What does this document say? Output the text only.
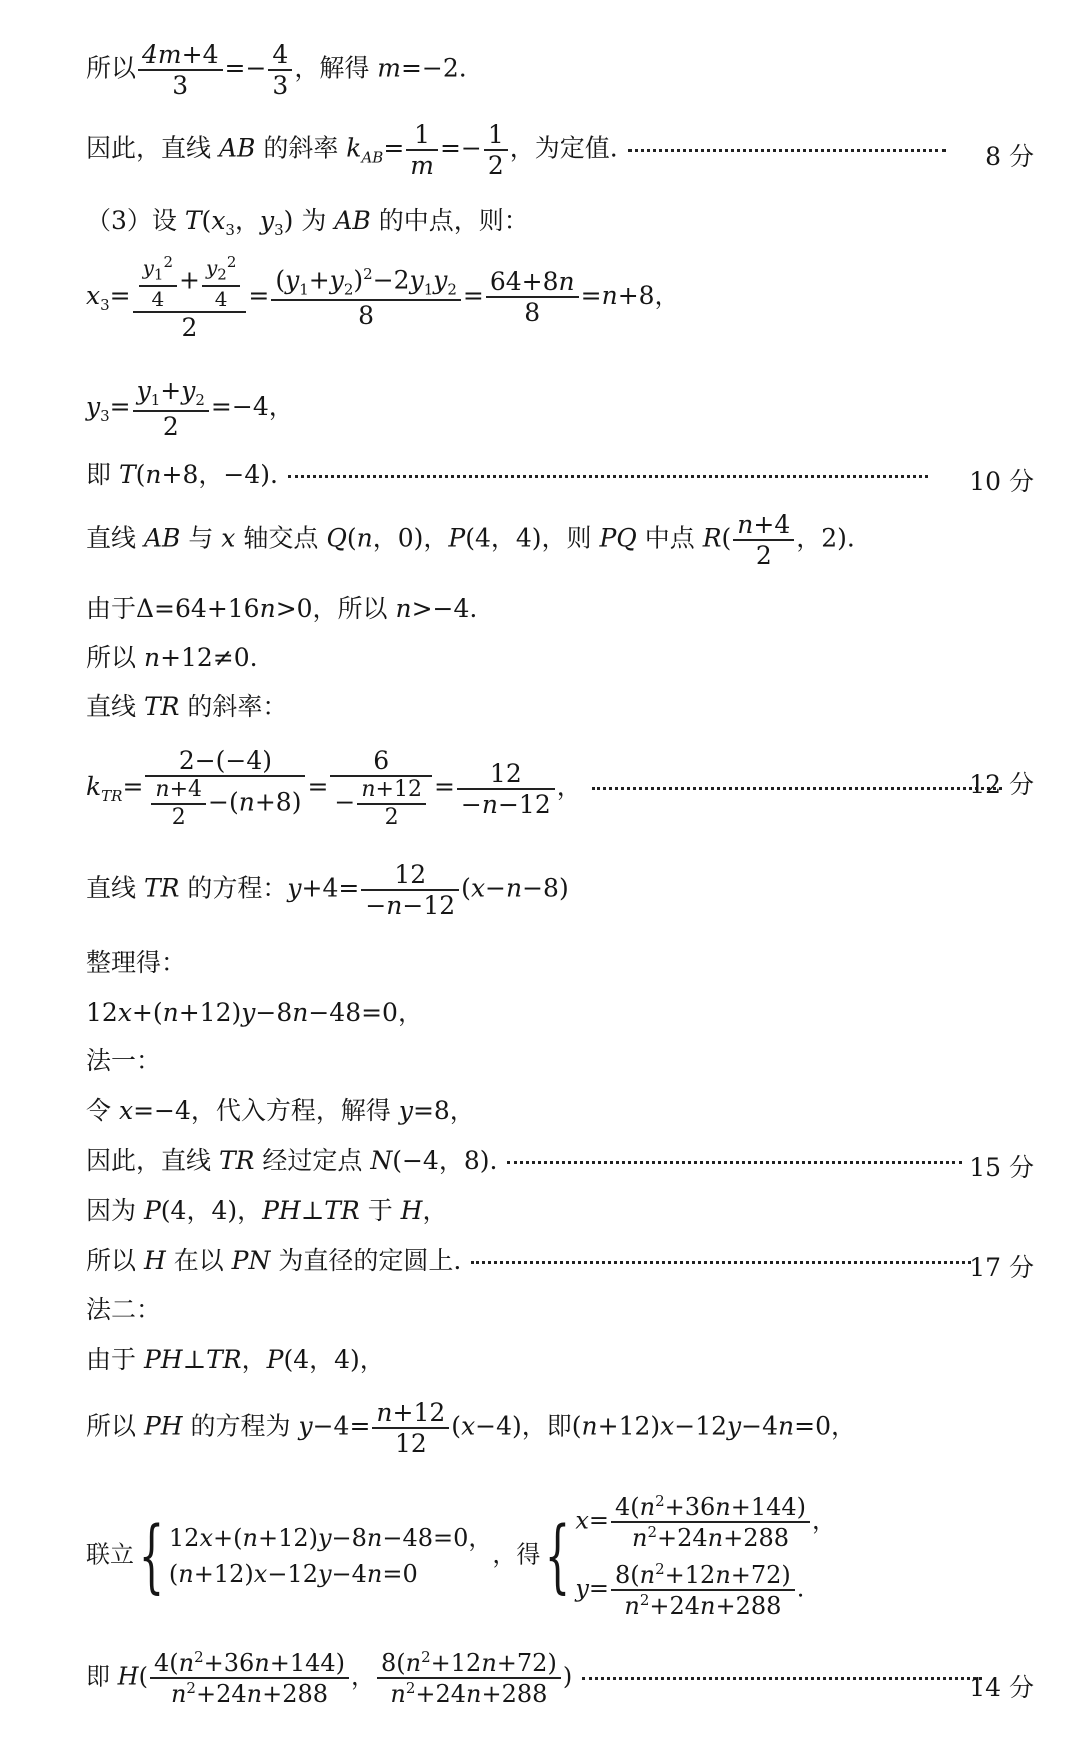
所以 $\frac{4m+4}{3} =- \frac{4}{3}$ ，解得 m=−2.
因此，直线 AB 的斜率 $k_{AB}= \frac{1}{m} =- \frac{1}{2}$ ，为定值.	8 分
（3）设 $T(x_3$，$y_3$) 为 AB 的中点，则：
$x_3= \frac{\frac{y_1^2}{4} + \frac{y_2^2}{4}}{2} = \frac{(y_1+y_2)^2-2y_1y_2}{8} = \frac{64+8n}{8} =n+8$，
$y_3= \frac{y_1+y_2}{2} =-4$，
即 T(n+8，−4).	10 分
直线 AB 与 x 轴交点 Q(n，0)，P(4，4)，则 PQ 中点 $R( \frac{n+4}{2}$ ，2).
由于Δ=64+16n>0，所以 n>−4.
所以 n+12≠0.
直线 TR 的斜率：
$k_{TR}= \frac{2-(-4)}{\frac{n+4}{2} -(n+8)} = \frac{6}{- \frac{n+12}{2}} = \frac{12}{-n-12}$ ，	12 分
直线 TR 的方程：$y+4= \frac{12}{-n-12} (x-n-8)$
整理得：
12x+(n+12)y−8n−48=0，
法一：
令 x=−4，代入方程，解得 y=8，
因此，直线 TR 经过定点 N(−4，8).	15 分
因为 P(4，4)，PH⊥TR 于 H，
所以 H 在以 PN 为直径的定圆上.	17 分
法二：
由于 PH⊥TR，P(4，4)，
所以 PH 的方程为 $y-4= \frac{n+12}{12} (x-4)$，即(n+12)x−12y−4n=0，
联立{ 12x+(n+12)y−8n−48=0，
(n+12)x−12y−4n=0
，得{ $x= \frac{4(n^2+36n+144)}{n^2+24n+288}$ ，
$y= \frac{8(n^2+12n+72)}{n^2+24n+288}$ .
即 $H( \frac{4(n^2+36n+144)}{n^2+24n+288}$ ， $\frac{8(n^2+12n+72)}{n^2+24n+288}$ )	14 分
